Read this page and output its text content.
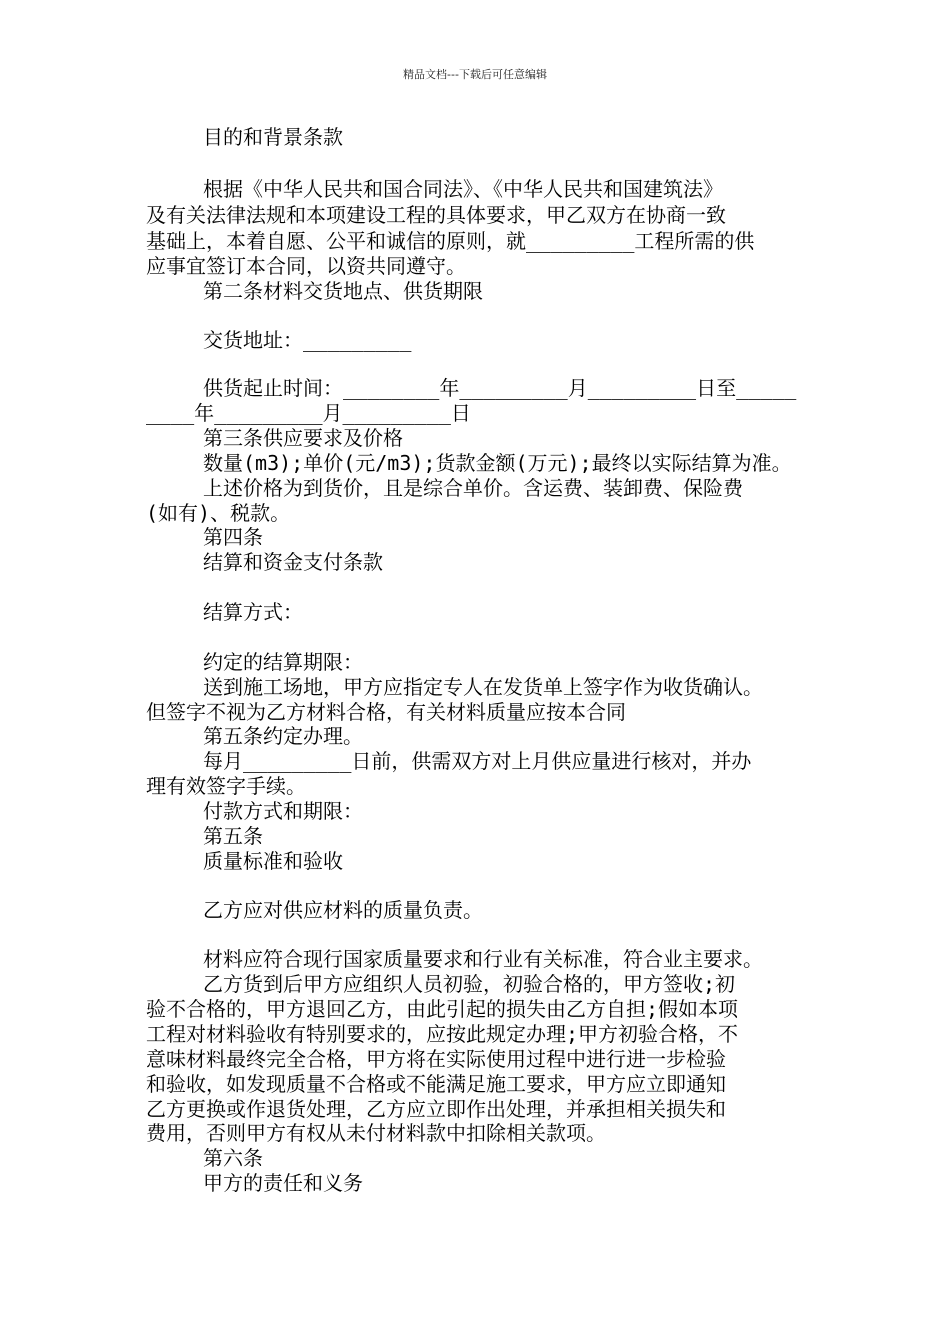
精品文档---下载后可任意编辑
目的和背景条款
根据《中华人民共和国合同法》、《中华人民共和国建筑法》
及有关法律法规和本项建设工程的具体要求，甲乙双方在协商一致
基础上，本着自愿、公平和诚信的原则，就_________工程所需的供
应事宜签订本合同，以资共同遵守。
第二条材料交货地点、供货期限
交货地址：_________
供货起止时间：________年_________月_________日至_____
____年_________月_________日
第三条供应要求及价格
数量(m3);单价(元/m3);货款金额(万元);最终以实际结算为准。
上述价格为到货价，且是综合单价。含运费、装卸费、保险费
(如有)、税款。
第四条
结算和资金支付条款
结算方式：
约定的结算期限：
送到施工场地，甲方应指定专人在发货单上签字作为收货确认。
但签字不视为乙方材料合格，有关材料质量应按本合同
第五条约定办理。
每月_________日前，供需双方对上月供应量进行核对，并办
理有效签字手续。
付款方式和期限：
第五条
质量标准和验收
乙方应对供应材料的质量负责。
材料应符合现行国家质量要求和行业有关标准，符合业主要求。
乙方货到后甲方应组织人员初验，初验合格的，甲方签收;初
验不合格的，甲方退回乙方，由此引起的损失由乙方自担;假如本项
工程对材料验收有特别要求的，应按此规定办理;甲方初验合格，不
意味材料最终完全合格，甲方将在实际使用过程中进行进一步检验
和验收，如发现质量不合格或不能满足施工要求，甲方应立即通知
乙方更换或作退货处理，乙方应立即作出处理，并承担相关损失和
费用，否则甲方有权从未付材料款中扣除相关款项。
第六条
甲方的责任和义务
